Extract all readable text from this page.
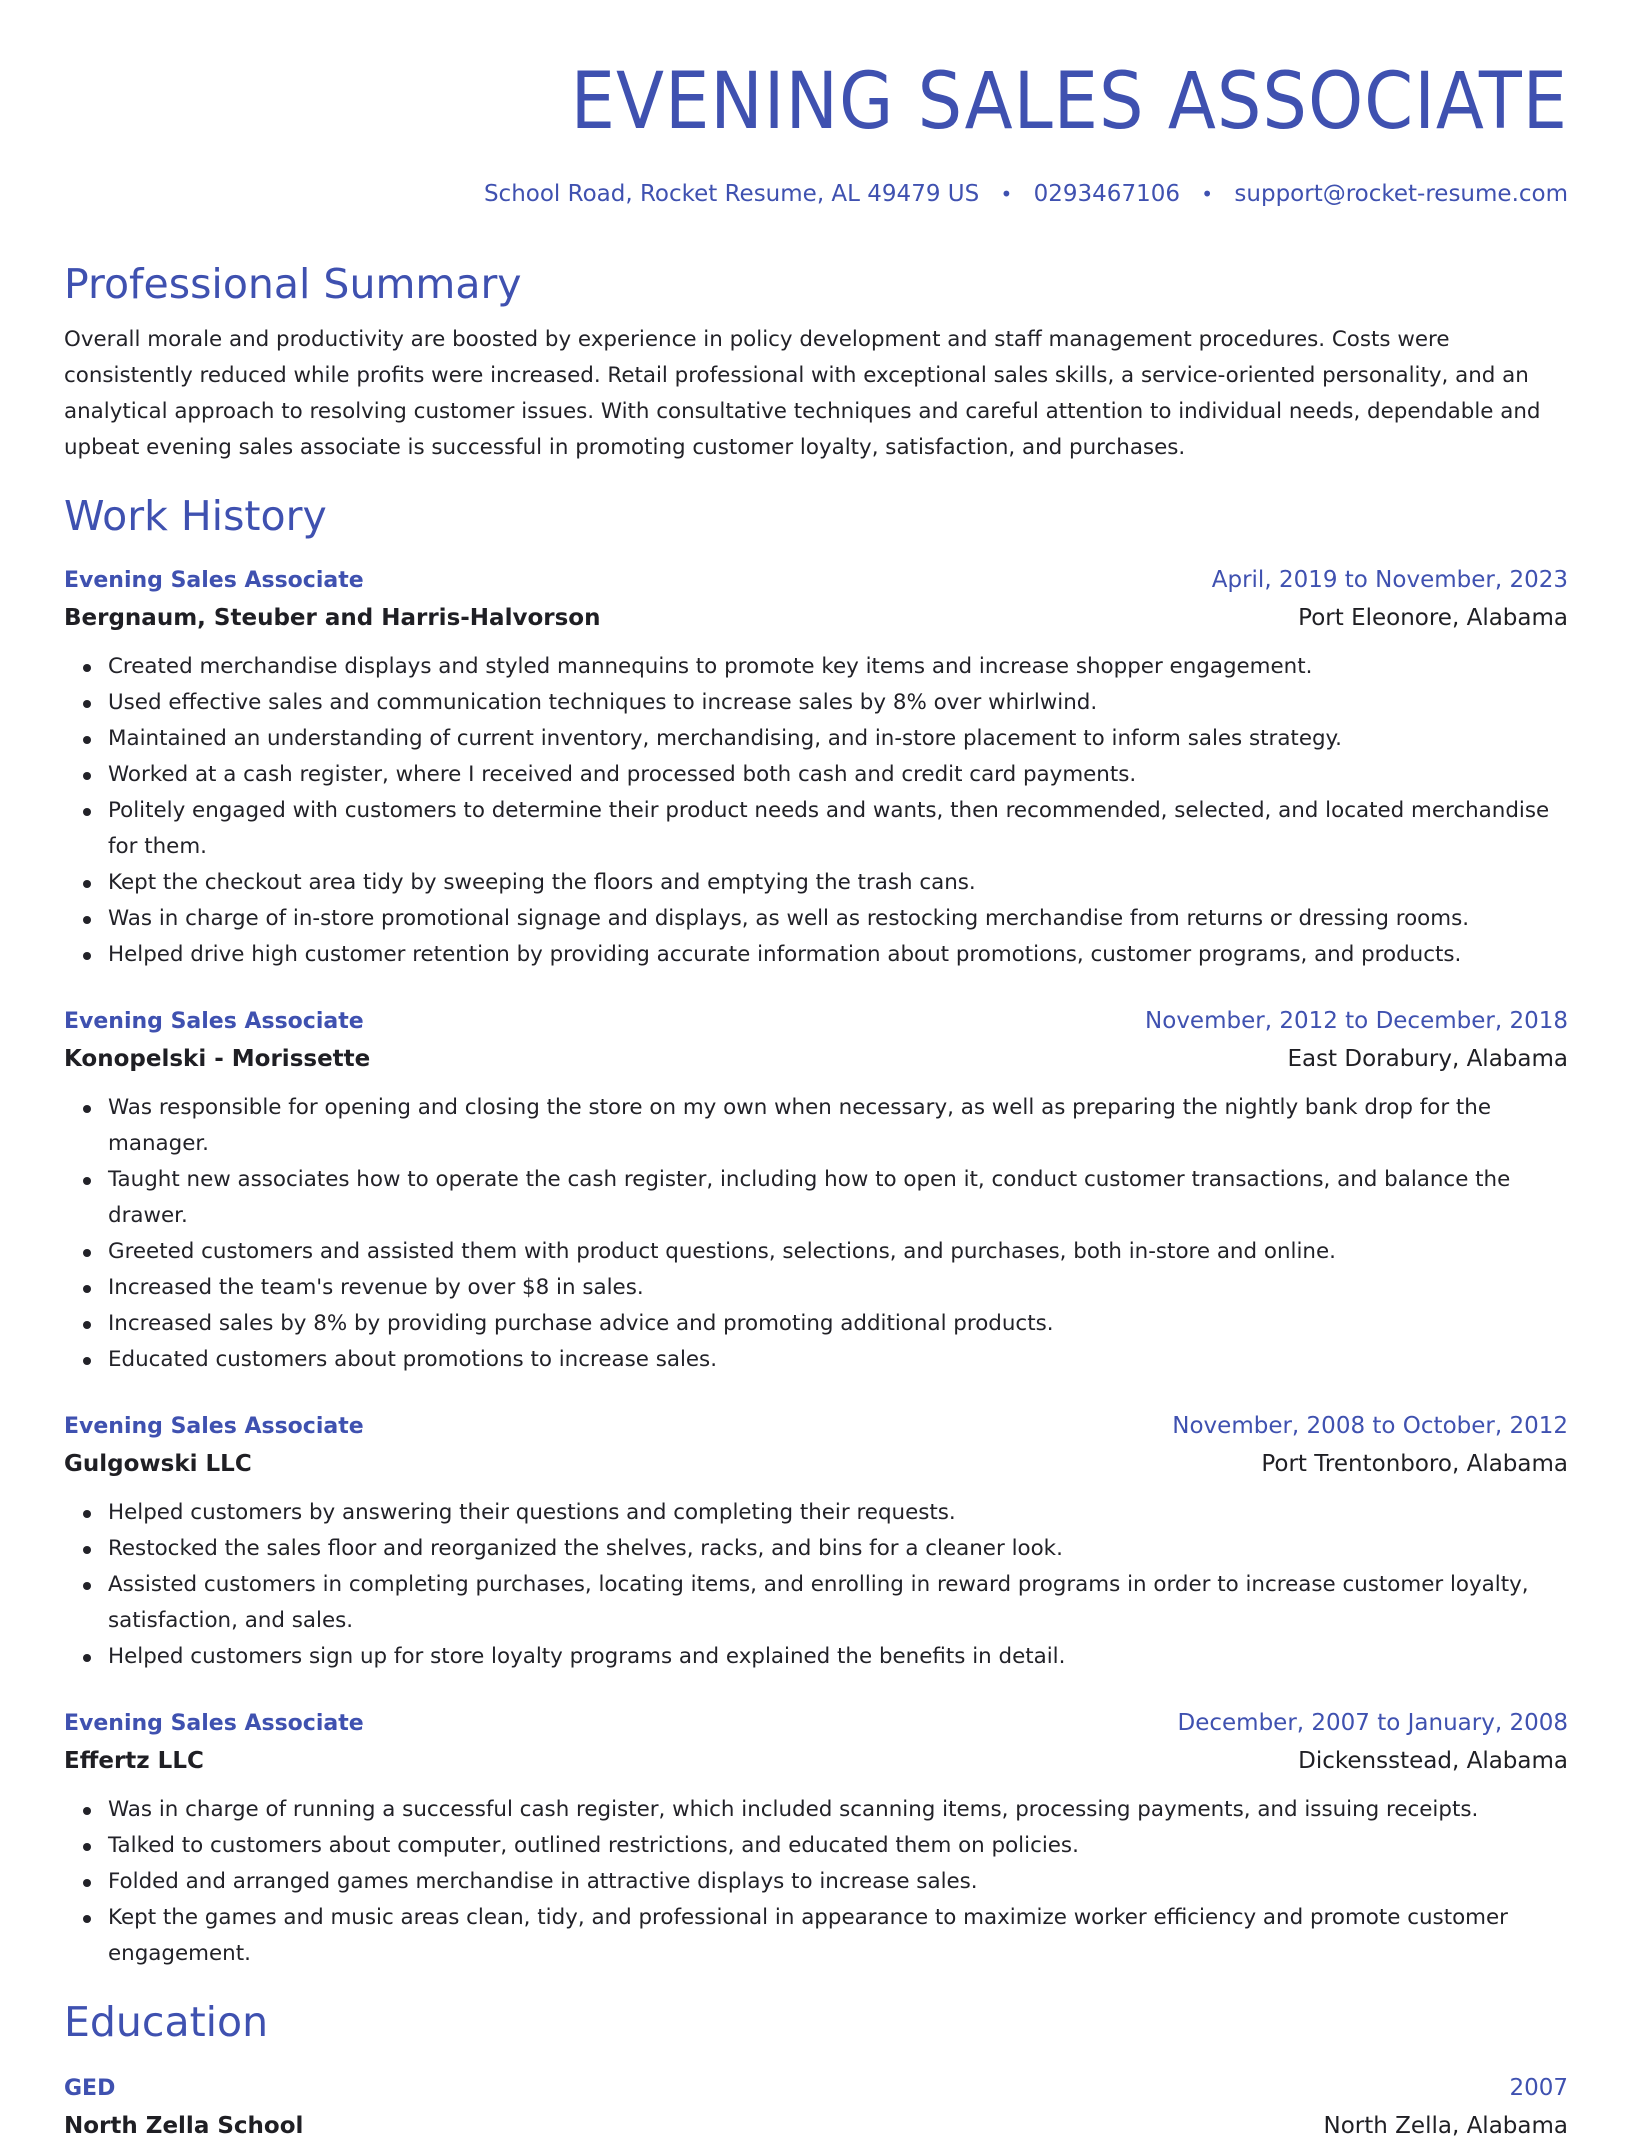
EVENING SALES ASSOCIATE
School Road, Rocket Resume, AL 49479 US • 0293467106 • support@rocket-resume.com
Professional Summary

Overall morale and productivity are boosted by experience in policy development and staff management procedures. Costs were consistently reduced while profits were increased. Retail professional with exceptional sales skills, a service-oriented personality, and an analytical approach to resolving customer issues. With consultative techniques and careful attention to individual needs, dependable and upbeat evening sales associate is successful in promoting customer loyalty, satisfaction, and purchases.

Work History
Evening Sales Associate	April, 2019 to November, 2023
Bergnaum, Steuber and Harris-Halvorson	Port Eleonore, Alabama
Created merchandise displays and styled mannequins to promote key items and increase shopper engagement.
Used effective sales and communication techniques to increase sales by 8% over whirlwind.
Maintained an understanding of current inventory, merchandising, and in-store placement to inform sales strategy.
Worked at a cash register, where I received and processed both cash and credit card payments.
Politely engaged with customers to determine their product needs and wants, then recommended, selected, and located merchandise for them.
Kept the checkout area tidy by sweeping the floors and emptying the trash cans.
Was in charge of in-store promotional signage and displays, as well as restocking merchandise from returns or dressing rooms.
Helped drive high customer retention by providing accurate information about promotions, customer programs, and products.
Evening Sales Associate	November, 2012 to December, 2018
Konopelski - Morissette	East Dorabury, Alabama
Was responsible for opening and closing the store on my own when necessary, as well as preparing the nightly bank drop for the manager.
Taught new associates how to operate the cash register, including how to open it, conduct customer transactions, and balance the drawer.
Greeted customers and assisted them with product questions, selections, and purchases, both in-store and online.
Increased the team's revenue by over $8 in sales.
Increased sales by 8% by providing purchase advice and promoting additional products.
Educated customers about promotions to increase sales.
Evening Sales Associate	November, 2008 to October, 2012
Gulgowski LLC	Port Trentonboro, Alabama
Helped customers by answering their questions and completing their requests.
Restocked the sales floor and reorganized the shelves, racks, and bins for a cleaner look.
Assisted customers in completing purchases, locating items, and enrolling in reward programs in order to increase customer loyalty, satisfaction, and sales.
Helped customers sign up for store loyalty programs and explained the benefits in detail.
Evening Sales Associate	December, 2007 to January, 2008
Effertz LLC	Dickensstead, Alabama
Was in charge of running a successful cash register, which included scanning items, processing payments, and issuing receipts.
Talked to customers about computer, outlined restrictions, and educated them on policies.
Folded and arranged games merchandise in attractive displays to increase sales.
Kept the games and music areas clean, tidy, and professional in appearance to maximize worker efficiency and promote customer engagement.
Education
GED	2007
North Zella School	North Zella, Alabama
